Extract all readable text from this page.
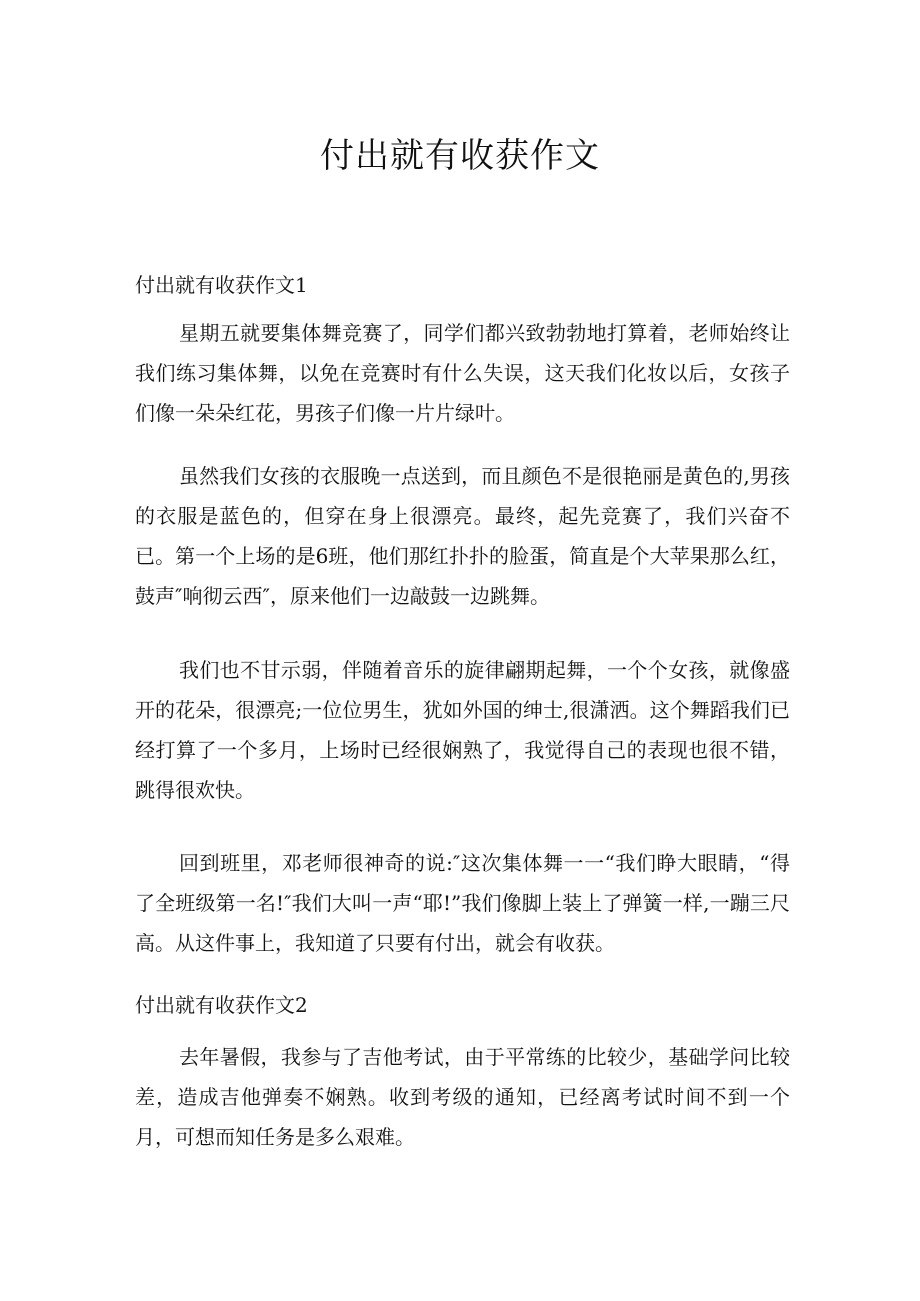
付出就有收获作文
付出就有收获作文1

星期五就要集体舞竞赛了，同学们都兴致勃勃地打算着，老师始终让我们练习集体舞，以免在竞赛时有什么失误，这天我们化妆以后，女孩子们像一朵朵红花，男孩子们像一片片绿叶。

虽然我们女孩的衣服晚一点送到，而且颜色不是很艳丽是黄色的,男孩的衣服是蓝色的，但穿在身上很漂亮。最终，起先竞赛了，我们兴奋不已。第一个上场的是6班，他们那红扑扑的脸蛋，简直是个大苹果那么红，鼓声″响彻云西″，原来他们一边敲鼓一边跳舞。

我们也不甘示弱，伴随着音乐的旋律翩期起舞，一个个女孩，就像盛开的花朵，很漂亮;一位位男生，犹如外国的绅士,很潇洒。这个舞蹈我们已经打算了一个多月，上场时已经很娴熟了，我觉得自己的表现也很不错，跳得很欢快。

回到班里，邓老师很神奇的说:″这次集体舞一一“我们睁大眼睛，“得了全班级第一名!″我们大叫一声“耶!”我们像脚上装上了弹簧一样,一蹦三尺高。从这件事上，我知道了只要有付出，就会有收获。

付出就有收获作文2

去年暑假，我参与了吉他考试，由于平常练的比较少，基础学问比较差，造成吉他弹奏不娴熟。收到考级的通知，已经离考试时间不到一个月，可想而知任务是多么艰难。
